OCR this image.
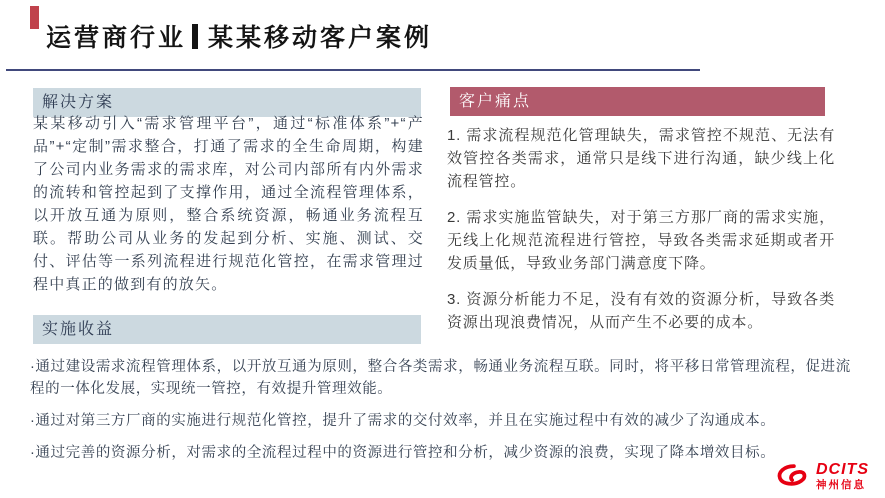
运营商行业 某某移动客户案例
解决方案

某某移动引入“需求管理平台”，通过“标准体系”+“产品”+“定制”需求整合，打通了需求的全生命周期，构建了公司内业务需求的需求库，对公司内部所有内外需求的流转和管控起到了支撑作用，通过全流程管理体系，以开放互通为原则，整合系统资源，畅通业务流程互联。帮助公司从业务的发起到分析、实施、测试、交付、评估等一系列流程进行规范化管控，在需求管理过程中真正的做到有的放矢。

客户痛点

1. 需求流程规范化管理缺失，需求管控不规范、无法有效管控各类需求，通常只是线下进行沟通，缺少线上化流程管控。

2. 需求实施监管缺失，对于第三方那厂商的需求实施，无线上化规范流程进行管控，导致各类需求延期或者开发质量低，导致业务部门满意度下降。

3. 资源分析能力不足，没有有效的资源分析，导致各类资源出现浪费情况，从而产生不必要的成本。

实施收益

·通过建设需求流程管理体系，以开放互通为原则，整合各类需求，畅通业务流程互联。同时，将平移日常管理流程，促进流程的一体化发展，实现统一管控，有效提升管理效能。

·通过对第三方厂商的实施进行规范化管控，提升了需求的交付效率，并且在实施过程中有效的减少了沟通成本。

·通过完善的资源分析，对需求的全流程过程中的资源进行管控和分析，减少资源的浪费，实现了降本增效目标。

DCITS
神州信息
